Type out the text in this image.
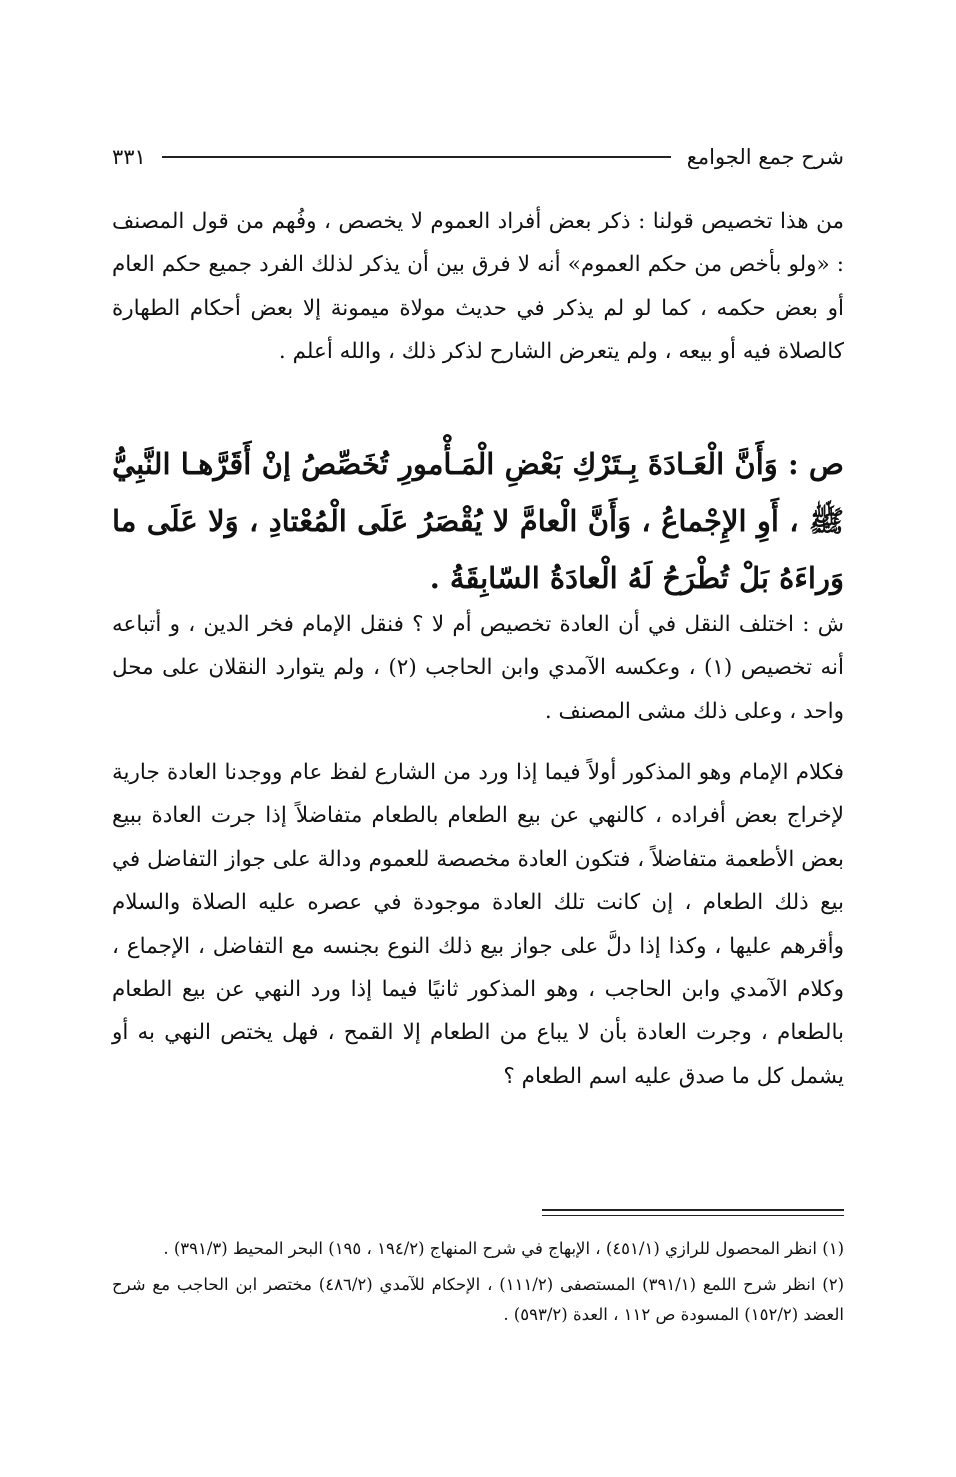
شرح جمع الجوامع
٣٣١

من هذا تخصيص قولنا : ذكر بعض أفراد العموم لا يخصص ، وفُهم من قول المصنف : «ولو بأخص من حكم العموم» أنه لا فرق بين أن يذكر لذلك الفرد جميع حكم العام أو بعض حكمه ، كما لو لم يذكر في حديث مولاة ميمونة إلا بعض أحكام الطهارة كالصلاة فيه أو بيعه ، ولم يتعرض الشارح لذكر ذلك ، والله أعلم .

ص : وَأَنَّ الْعَـادَةَ بِـتَرْكِ بَعْضِ الْمَـأْمورِ تُخَصِّصُ إنْ أَقَرَّهـا النَّبِيُّ ﷺ ، أَوِ الإِجْماعُ ، وَأَنَّ الْعامَّ لا يُقْصَرُ عَلَى الْمُعْتادِ ، وَلا عَلَى ما وَراءَهُ بَلْ تُطْرَحُ لَهُ الْعادَةُ السّابِقَةُ .

ش : اختلف النقل في أن العادة تخصيص أم لا ؟ فنقل الإمام فخر الدين ، و أتباعه أنه تخصيص (١) ، وعكسه الآمدي وابن الحاجب (٢) ، ولم يتوارد النقلان على محل واحد ، وعلى ذلك مشى المصنف .

فكلام الإمام وهو المذكور أولاً فيما إذا ورد من الشارع لفظ عام ووجدنا العادة جارية لإخراج بعض أفراده ، كالنهي عن بيع الطعام بالطعام متفاضلاً إذا جرت العادة ببيع بعض الأطعمة متفاضلاً ، فتكون العادة مخصصة للعموم ودالة على جواز التفاضل في بيع ذلك الطعام ، إن كانت تلك العادة موجودة في عصره عليه الصلاة والسلام وأقرهم عليها ، وكذا إذا دلَّ على جواز بيع ذلك النوع بجنسه مع التفاضل ، الإجماع ، وكلام الآمدي وابن الحاجب ، وهو المذكور ثانيًا فيما إذا ورد النهي عن بيع الطعام بالطعام ، وجرت العادة بأن لا يباع من الطعام إلا القمح ، فهل يختص النهي به أو يشمل كل ما صدق عليه اسم الطعام ؟

(١) انظر المحصول للرازي (٤٥١/١) ، الإبهاج في شرح المنهاج (١٩٤/٢ ، ١٩٥) البحر المحيط (٣٩١/٣) .

(٢) انظر شرح اللمع (٣٩١/١) المستصفى (١١١/٢) ، الإحكام للآمدي (٤٨٦/٢) مختصر ابن الحاجب مع شرح العضد (١٥٢/٢) المسودة ص ١١٢ ، العدة (٥٩٣/٢) .
